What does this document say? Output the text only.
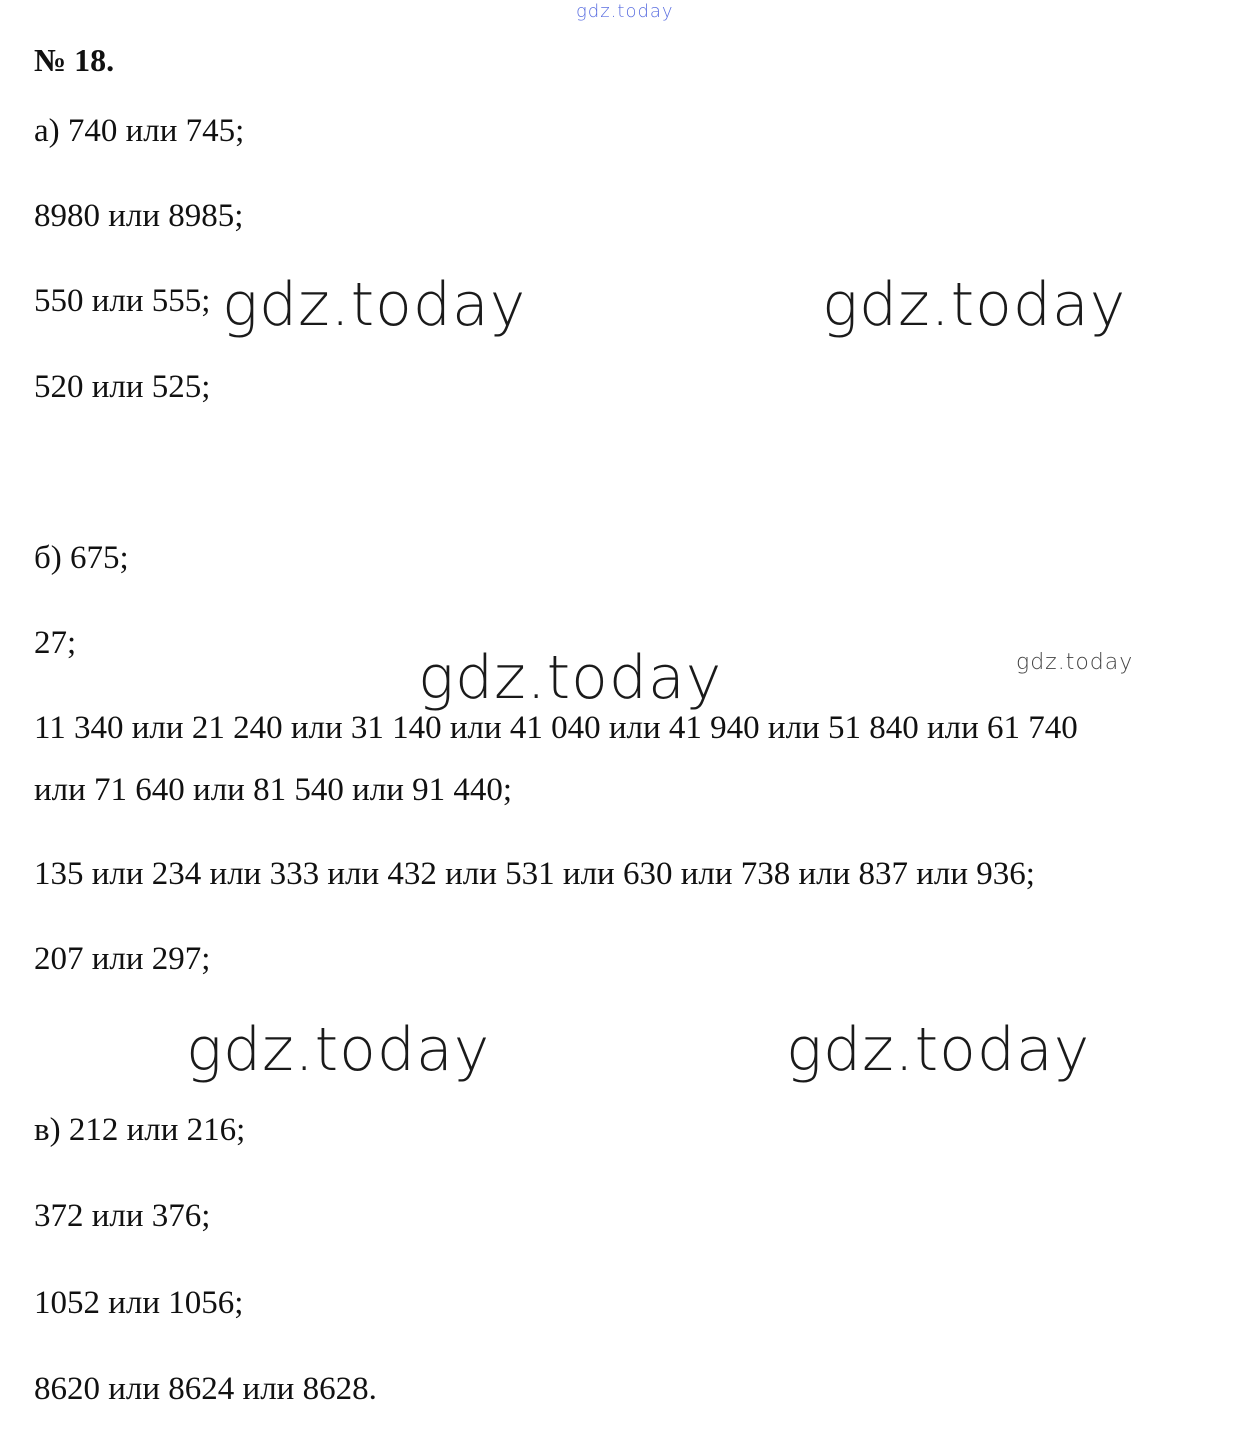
gdz.today
№ 18.
а) 740 или 745;
8980 или 8985;
550 или 555;
520 или 525;
б) 675;
27;
11 340 или 21 240 или 31 140 или 41 040 или 41 940 или 51 840 или 61 740
или 71 640 или 81 540 или 91 440;
135 или 234 или 333 или 432 или 531 или 630 или 738 или 837 или 936;
207 или 297;
в) 212 или 216;
372 или 376;
1052 или 1056;
8620 или 8624 или 8628.
gdz.today	gdz.today
gdz.today	gdz.today
gdz.today	gdz.today
